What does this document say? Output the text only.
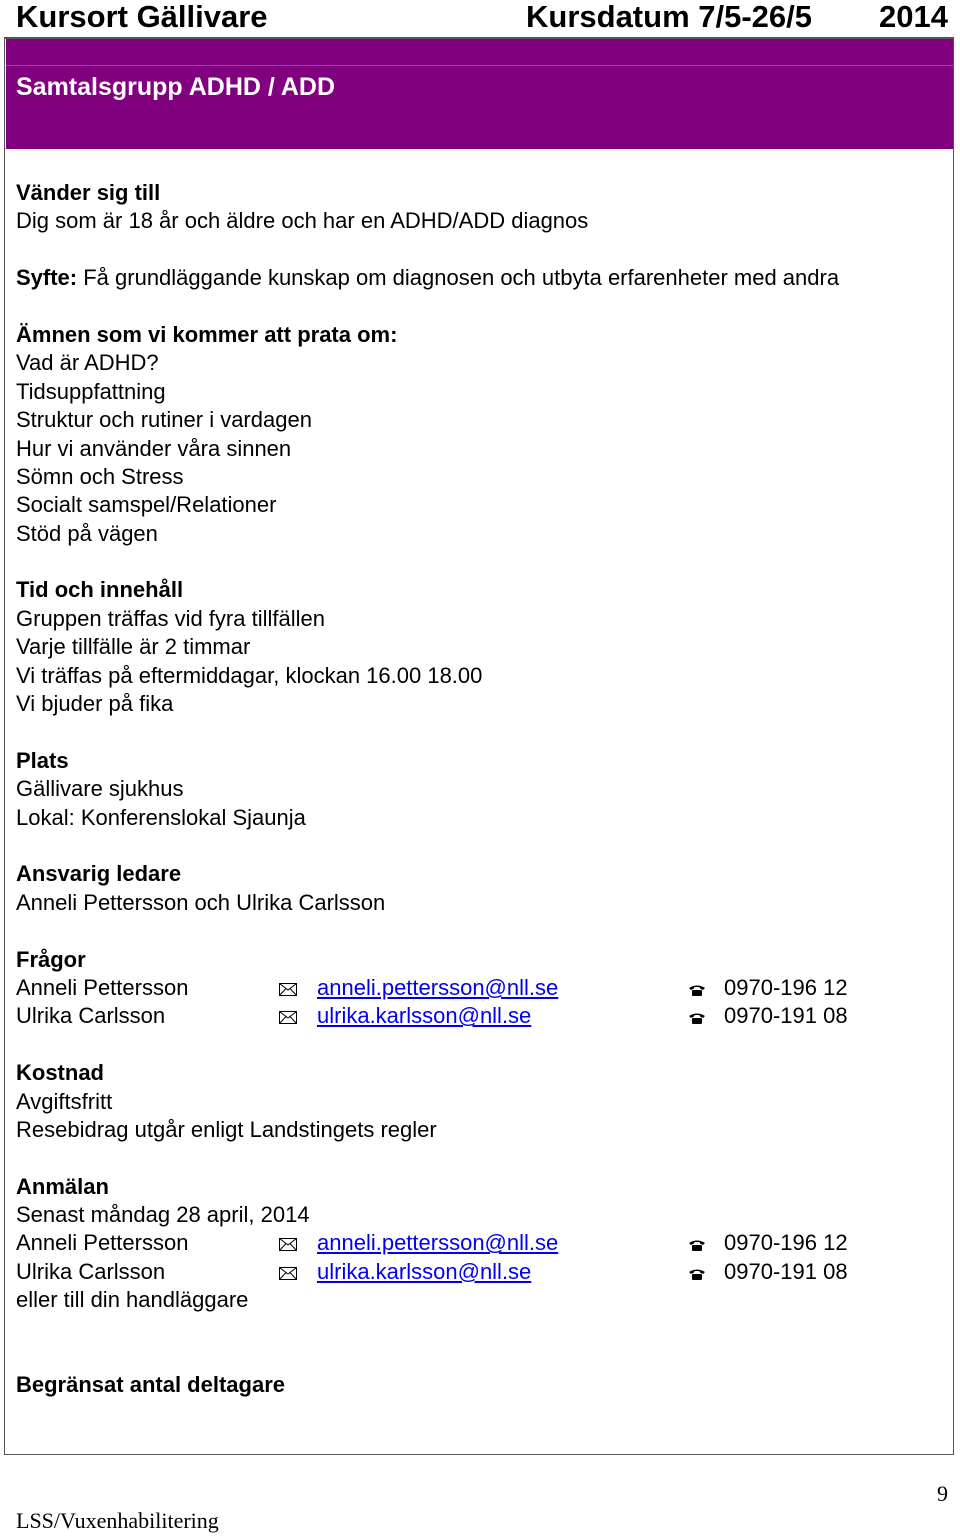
Kursort Gällivare	Kursdatum 7/5-26/5 2014
Samtalsgrupp ADHD / ADD
Vänder sig till
Dig som är 18 år och äldre och har en ADHD/ADD diagnos
Syfte: Få grundläggande kunskap om diagnosen och utbyta erfarenheter med andra
Ämnen som vi kommer att prata om:
Vad är ADHD?
Tidsuppfattning
Struktur och rutiner i vardagen
Hur vi använder våra sinnen
Sömn och Stress
Socialt samspel/Relationer
Stöd på vägen
Tid och innehåll
Gruppen träffas vid fyra tillfällen
Varje tillfälle är 2 timmar
Vi träffas på eftermiddagar, klockan 16.00 18.00
Vi bjuder på fika
Plats
Gällivare sjukhus
Lokal: Konferenslokal Sjaunja
Ansvarig ledare
Anneli Pettersson och Ulrika Carlsson
Frågor
Anneli Pettersson	anneli.pettersson@nll.se	0970-196 12
Ulrika Carlsson	ulrika.karlsson@nll.se	0970-191 08
Kostnad
Avgiftsfritt
Resebidrag utgår enligt Landstingets regler
Anmälan
Senast måndag 28 april, 2014
Anneli Pettersson	anneli.pettersson@nll.se	0970-196 12
Ulrika Carlsson	ulrika.karlsson@nll.se	0970-191 08
eller till din handläggare
Begränsat antal deltagare
9
LSS/Vuxenhabilitering
